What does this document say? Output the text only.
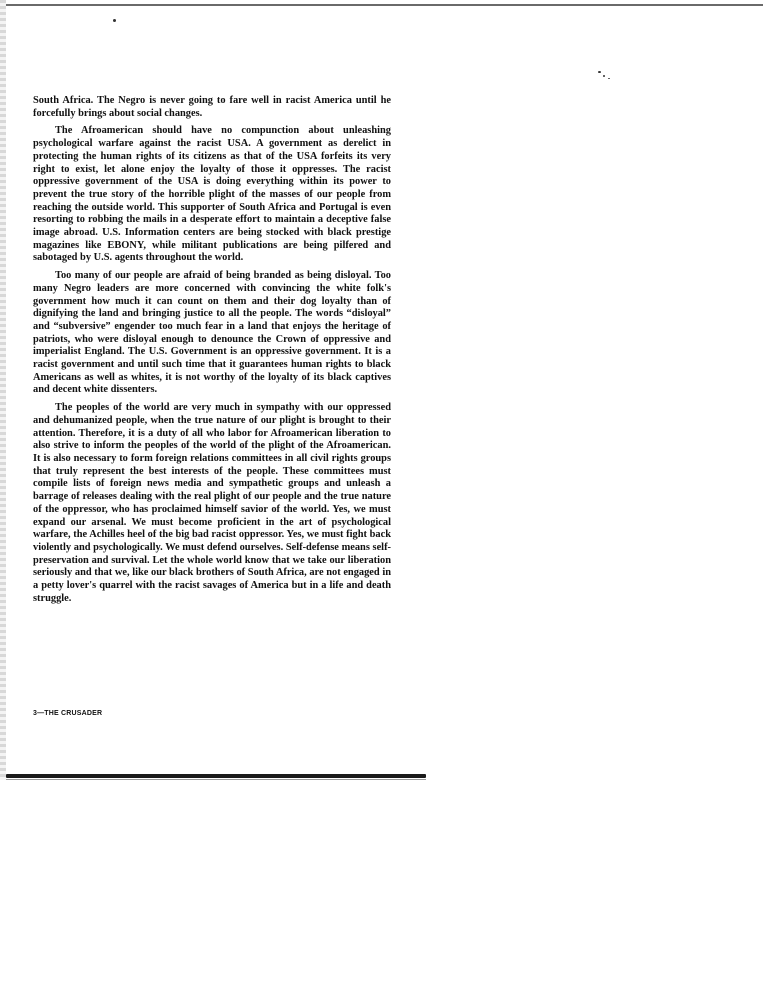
South Africa. The Negro is never going to fare well in racist America until he forcefully brings about social changes.

The Afroamerican should have no compunction about unleashing psychological warfare against the racist USA. A government as derelict in protecting the human rights of its citizens as that of the USA forfeits its very right to exist, let alone enjoy the loyalty of those it oppresses. The racist oppressive government of the USA is doing everything within its power to prevent the true story of the horrible plight of the masses of our people from reaching the outside world. This supporter of South Africa and Portugal is even resorting to robbing the mails in a desperate effort to maintain a deceptive false image abroad. U.S. Information centers are being stocked with black prestige magazines like EBONY, while militant publications are being pilfered and sabotaged by U.S. agents throughout the world.

Too many of our people are afraid of being branded as being disloyal. Too many Negro leaders are more concerned with convincing the white folk's government how much it can count on them and their dog loyalty than of dignifying the land and bringing justice to all the people. The words “disloyal” and “subversive” engender too much fear in a land that enjoys the heritage of patriots, who were disloyal enough to denounce the Crown of oppressive and imperialist England. The U.S. Government is an oppressive government. It is a racist government and until such time that it guarantees human rights to black Americans as well as whites, it is not worthy of the loyalty of its black captives and decent white dissenters.

The peoples of the world are very much in sympathy with our oppressed and dehumanized people, when the true nature of our plight is brought to their attention. Therefore, it is a duty of all who labor for Afroamerican liberation to also strive to inform the peoples of the world of the plight of the Afroamerican. It is also necessary to form foreign relations committees in all civil rights groups that truly represent the best interests of the people. These committees must compile lists of foreign news media and sympathetic groups and unleash a barrage of releases dealing with the real plight of our people and the true nature of the oppressor, who has proclaimed himself savior of the world. Yes, we must expand our arsenal. We must become proficient in the art of psychological warfare, the Achilles heel of the big bad racist oppressor. Yes, we must fight back violently and psychologically. We must defend ourselves. Self-defense means self-preservation and survival. Let the whole world know that we take our liberation seriously and that we, like our black brothers of South Africa, are not engaged in a petty lover's quarrel with the racist savages of America but in a life and death struggle.

3—THE CRUSADER
